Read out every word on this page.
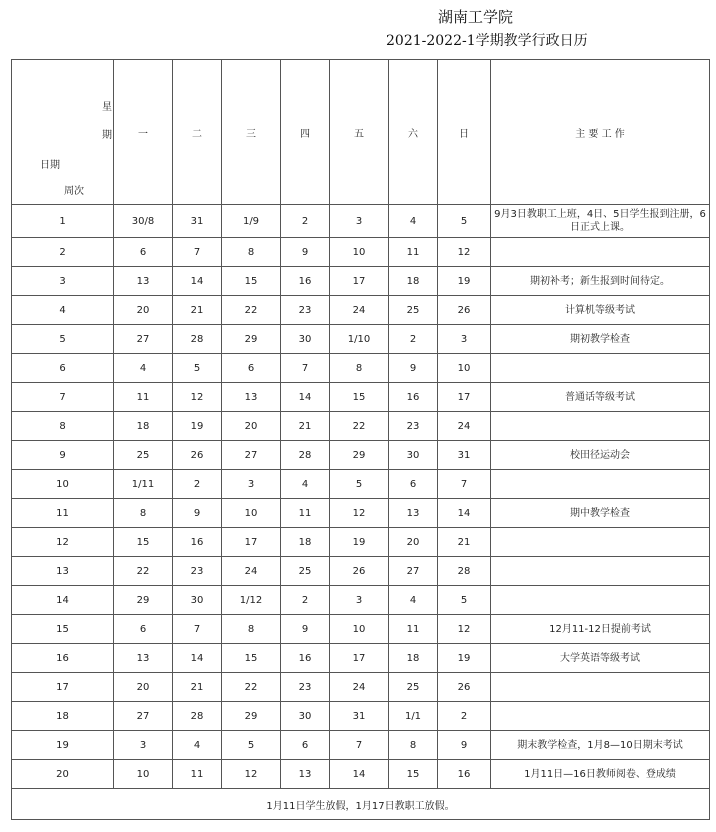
湖南工学院
2021-2022-1学期教学行政日历
星
期
日期
周次	一	二	三	四	五	六	日	主 要 工 作
1	30/8	31	1/9	2	3	4	5	9月3日教职工上班，4日、5日学生报到注册，6日正式上课。
2	6	7	8	9	10	11	12	
3	13	14	15	16	17	18	19	期初补考；新生报到时间待定。
4	20	21	22	23	24	25	26	计算机等级考试
5	27	28	29	30	1/10	2	3	期初教学检查
6	4	5	6	7	8	9	10	
7	11	12	13	14	15	16	17	普通话等级考试
8	18	19	20	21	22	23	24	
9	25	26	27	28	29	30	31	校田径运动会
10	1/11	2	3	4	5	6	7	
11	8	9	10	11	12	13	14	期中教学检查
12	15	16	17	18	19	20	21	
13	22	23	24	25	26	27	28	
14	29	30	1/12	2	3	4	5	
15	6	7	8	9	10	11	12	12月11-12日提前考试
16	13	14	15	16	17	18	19	大学英语等级考试
17	20	21	22	23	24	25	26	
18	27	28	29	30	31	1/1	2	
19	3	4	5	6	7	8	9	期末教学检查，1月8—10日期末考试
20	10	11	12	13	14	15	16	1月11日—16日教师阅卷、登成绩
1月11日学生放假，1月17日教职工放假。								
